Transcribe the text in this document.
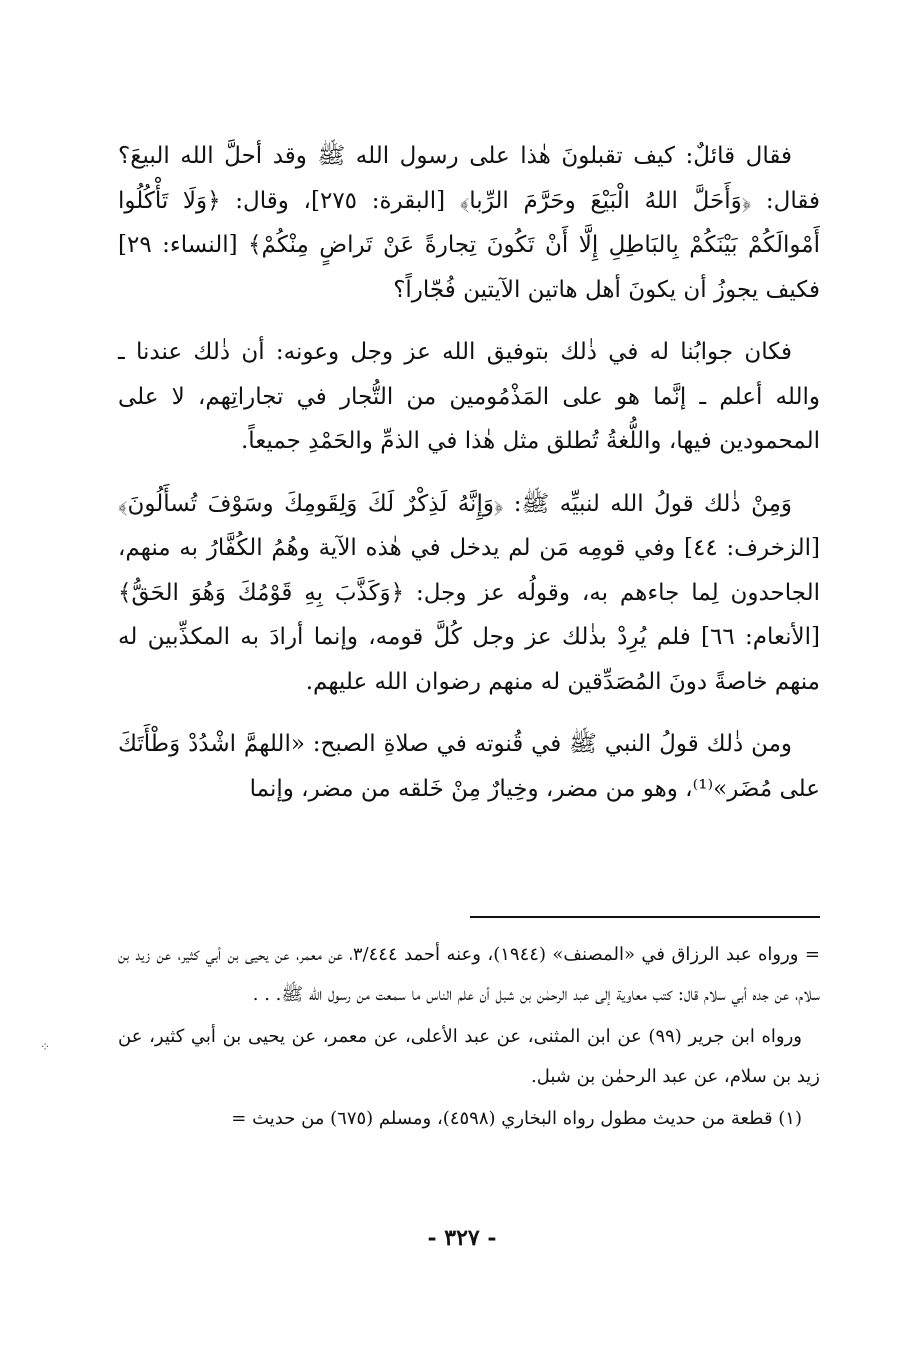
فقال قائلٌ: كيف تقبلونَ هٰذا على رسول الله ﷺ وقد أحلَّ الله البيعَ؟ فقال: ﴿وَأَحَلَّ اللهُ الْبَيْعَ وحَرَّمَ الرِّبا﴾ [البقرة: ٢٧٥]، وقال: ﴿وَلَا تَأْكُلُوا أَمْوالَكُمْ بَيْنَكُمْ بِالبَاطِلِ إِلَّا أَنْ تَكُونَ تِجارةً عَنْ تَراضٍ مِنْكُمْ﴾ [النساء: ٢٩] فكيف يجوزُ أن يكونَ أهل هاتين الآيتين فُجّاراً؟

فكان جوابُنا له في ذٰلك بتوفيق الله عز وجل وعونه: أن ذٰلك عندنا ـ والله أعلم ـ إنَّما هو على المَذْمُومين من التُّجار في تجاراتِهم، لا على المحمودين فيها، واللُّغةُ تُطلق مثل هٰذا في الذمِّ والحَمْدِ جميعاً.

وَمِنْ ذٰلك قولُ الله لنبيِّه ﷺ: ﴿وَإِنَّهُ لَذِكْرٌ لَكَ وَلِقَومِكَ وسَوْفَ تُسأَلُونَ﴾ [الزخرف: ٤٤] وفي قومِه مَن لم يدخل في هٰذه الآية وهُمُ الكُفَّارُ به منهم، الجاحدون لِما جاءهم به، وقولُه عز وجل: ﴿وَكَذَّبَ بِهِ قَوْمُكَ وَهُوَ الحَقُّ﴾ [الأنعام: ٦٦] فلم يُرِدْ بذٰلك عز وجل كُلَّ قومه، وإنما أرادَ به المكذِّبين له منهم خاصةً دونَ المُصَدِّقين له منهم رضوان الله عليهم.

ومن ذٰلك قولُ النبي ﷺ في قُنوته في صلاةِ الصبح: «اللهمَّ اشْدُدْ وَطْأَتَكَ على مُضَر»⁽¹⁾، وهو من مضر، وخِيارٌ مِنْ خَلقه من مضر، وإنما

= ورواه عبد الرزاق في «المصنف» (١٩٤٤)، وعنه أحمد ٣/٤٤٤، عن معمر، عن يحيى بن أبي كثير، عن زيد بن سلام، عن جده أبي سلام قال: كتب معاوية إلى عبد الرحمٰن بن شبل أن علم الناس ما سمعت من رسول الله ﷺ. . .

ورواه ابن جرير (٩٩) عن ابن المثنى، عن عبد الأعلى، عن معمر، عن يحيى بن أبي كثير، عن زيد بن سلام، عن عبد الرحمٰن بن شبل.

(١) قطعة من حديث مطول رواه البخاري (٤٥٩٨)، ومسلم (٦٧٥) من حديث =

- ٣٢٧ -
⁘
